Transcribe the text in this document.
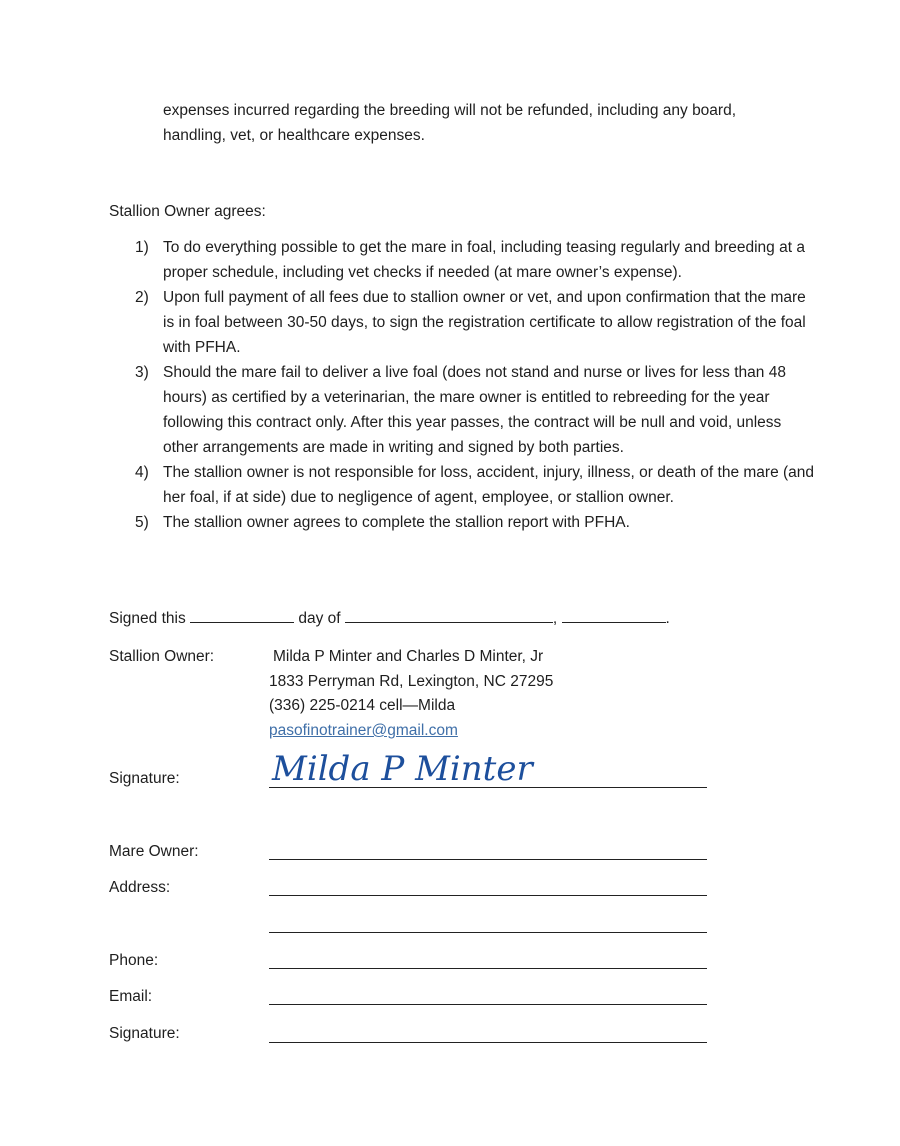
expenses incurred regarding the breeding will not be refunded, including any board, handling, vet, or healthcare expenses.
Stallion Owner agrees:
1) To do everything possible to get the mare in foal, including teasing regularly and breeding at a proper schedule, including vet checks if needed (at mare owner’s expense).
2) Upon full payment of all fees due to stallion owner or vet, and upon confirmation that the mare is in foal between 30-50 days, to sign the registration certificate to allow registration of the foal with PFHA.
3) Should the mare fail to deliver a live foal (does not stand and nurse or lives for less than 48 hours) as certified by a veterinarian, the mare owner is entitled to rebreeding for the year following this contract only. After this year passes, the contract will be null and void, unless other arrangements are made in writing and signed by both parties.
4) The stallion owner is not responsible for loss, accident, injury, illness, or death of the mare (and her foal, if at side) due to negligence of agent, employee, or stallion owner.
5) The stallion owner agrees to complete the stallion report with PFHA.
Signed this	day of	,	.
Stallion Owner:	Milda P Minter and Charles D Minter, Jr
1833 Perryman Rd, Lexington, NC 27295
(336) 225-0214 cell—Milda
pasofinotrainer@gmail.com
Signature:	Milda P Minter
Mare Owner:
Address:
Phone:
Email:
Signature:
